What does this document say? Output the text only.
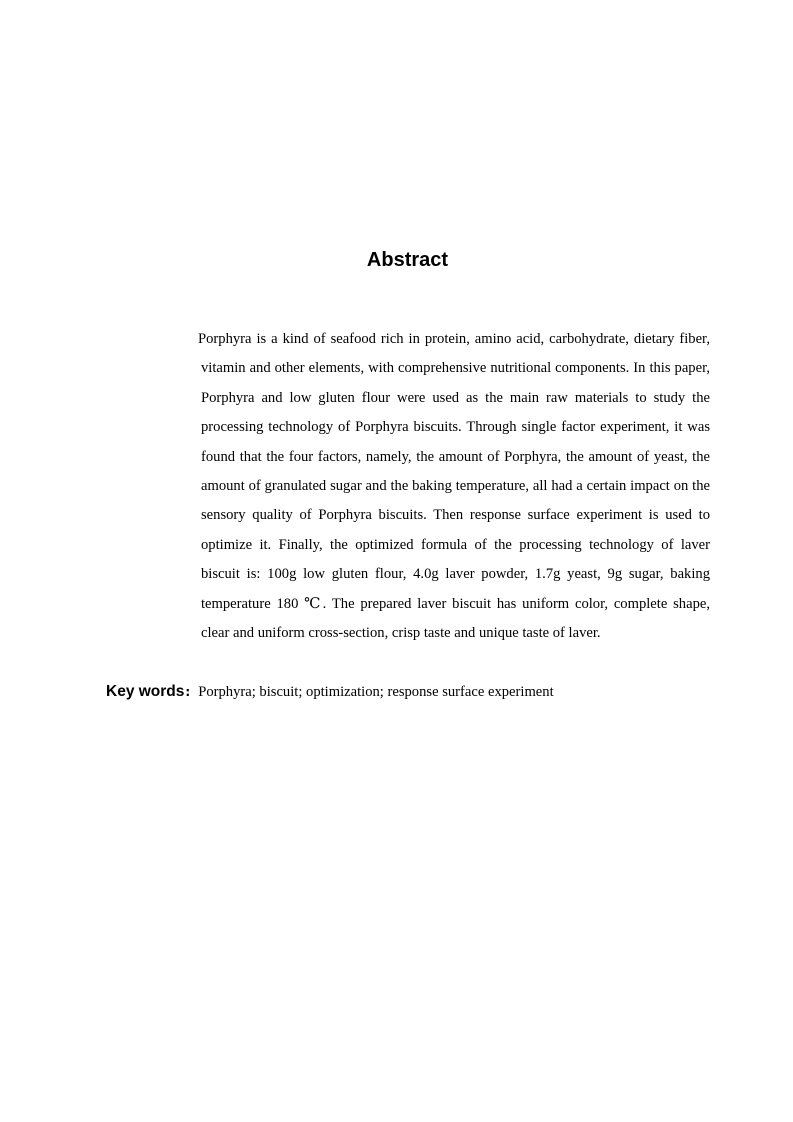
Abstract

Porphyra is a kind of seafood rich in protein, amino acid, carbohydrate, dietary fiber, vitamin and other elements, with comprehensive nutritional components. In this paper, Porphyra and low gluten flour were used as the main raw materials to study the processing technology of Porphyra biscuits. Through single factor experiment, it was found that the four factors, namely, the amount of Porphyra, the amount of yeast, the amount of granulated sugar and the baking temperature, all had a certain impact on the sensory quality of Porphyra biscuits. Then response surface experiment is used to optimize it. Finally, the optimized formula of the processing technology of laver biscuit is: 100g low gluten flour, 4.0g laver powder, 1.7g yeast, 9g sugar, baking temperature 180 ℃. The prepared laver biscuit has uniform color, complete shape, clear and uniform cross-section, crisp taste and unique taste of laver.

Key words: Porphyra; biscuit; optimization; response surface experiment
